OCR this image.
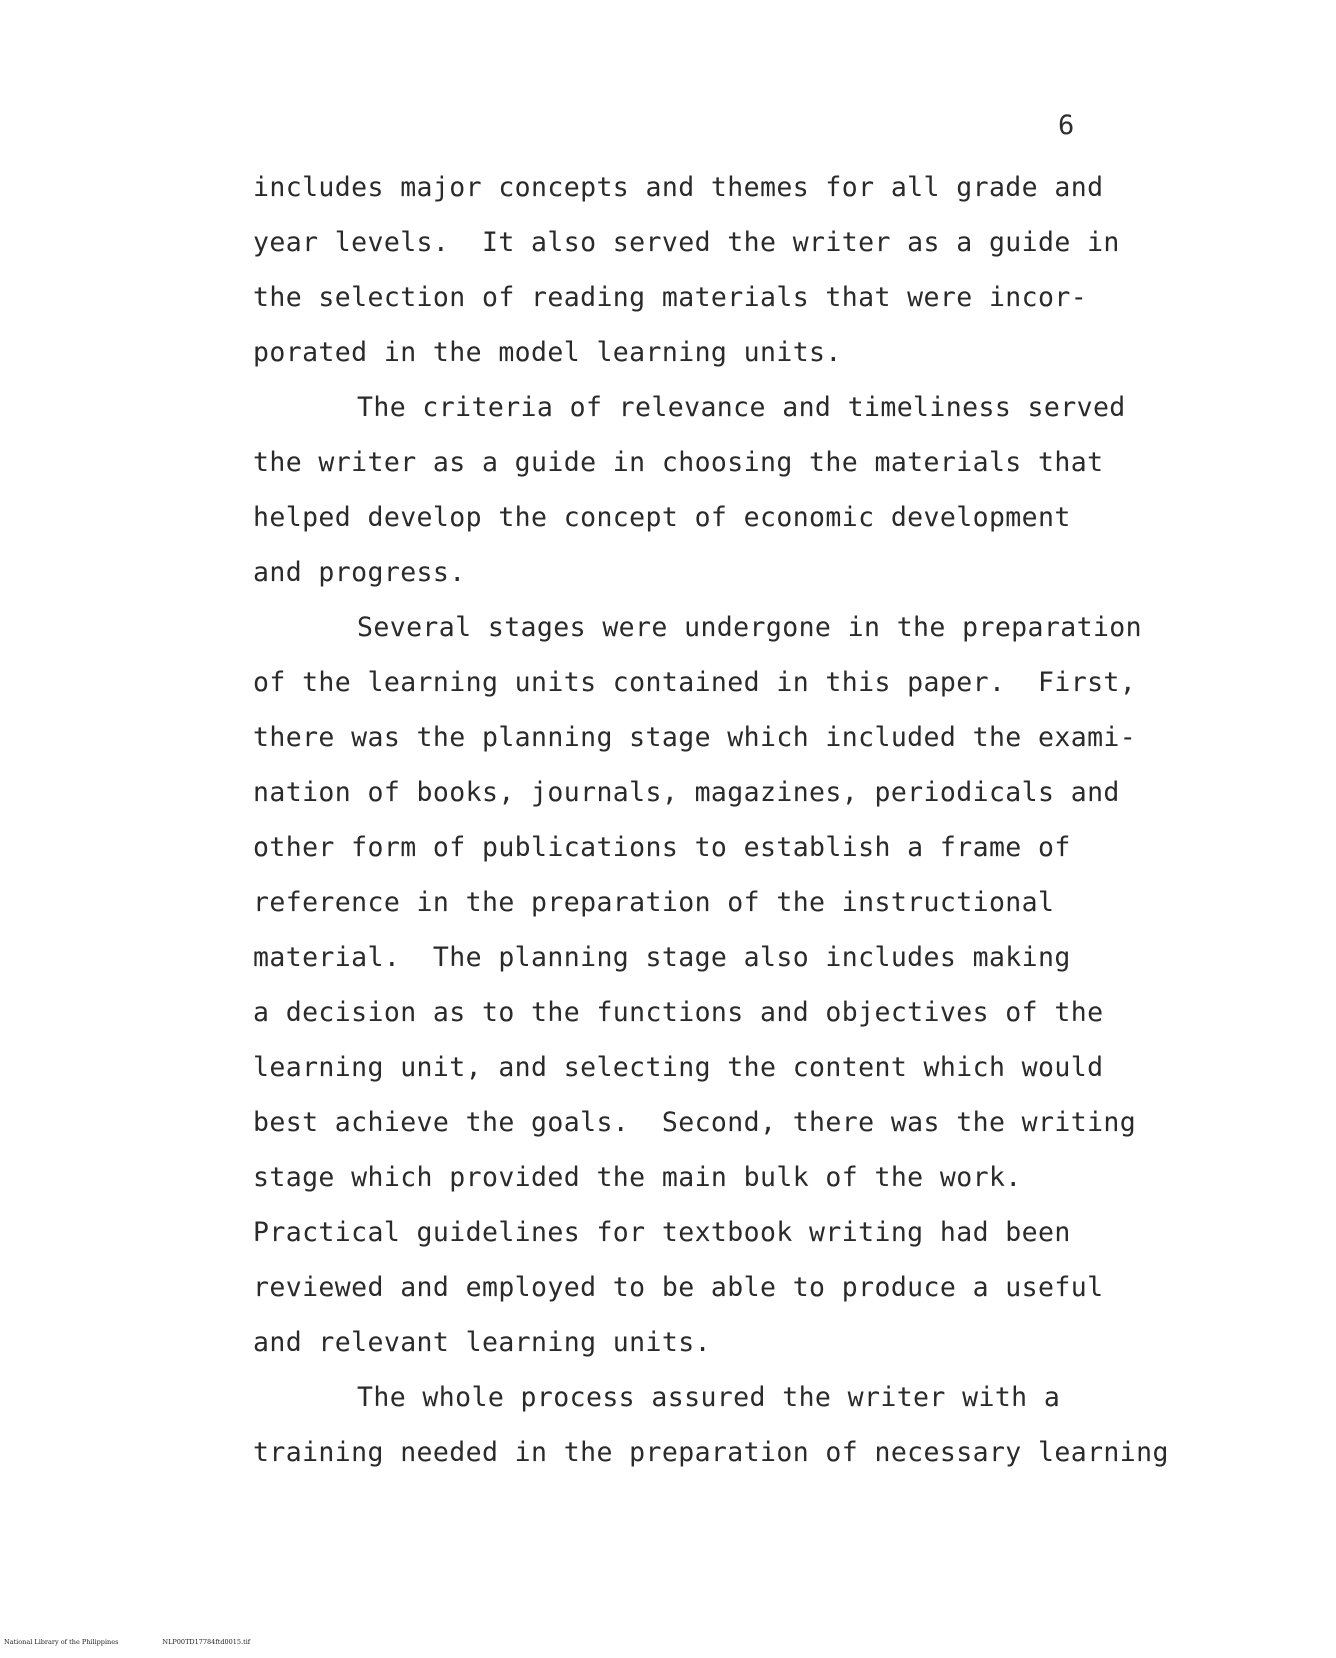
6
includes major concepts and themes for all grade and
year levels.  It also served the writer as a guide in
the selection of reading materials that were incor-
porated in the model learning units.
The criteria of relevance and timeliness served
the writer as a guide in choosing the materials that
helped develop the concept of economic development
and progress.
Several stages were undergone in the preparation
of the learning units contained in this paper.  First,
there was the planning stage which included the exami-
nation of books, journals, magazines, periodicals and
other form of publications to establish a frame of
reference in the preparation of the instructional
material.  The planning stage also includes making
a decision as to the functions and objectives of the
learning unit, and selecting the content which would
best achieve the goals.  Second, there was the writing
stage which provided the main bulk of the work.
Practical guidelines for textbook writing had been
reviewed and employed to be able to produce a useful
and relevant learning units.
The whole process assured the writer with a
training needed in the preparation of necessary learning
National Library of the Philippines	NLP00TD17784ftd0015.tif
